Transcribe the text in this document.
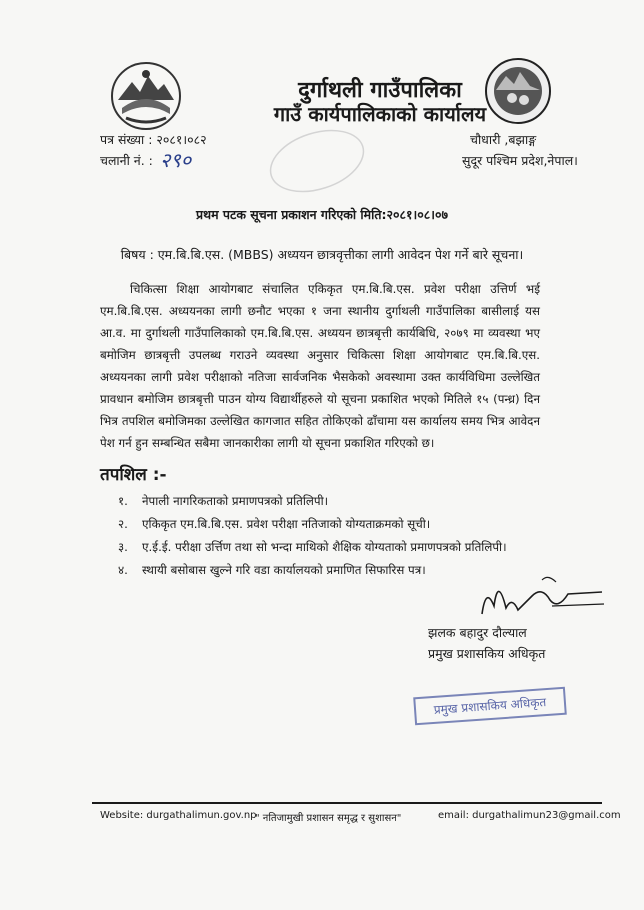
दुर्गाथली गाउँपालिका
गाउँ कार्यपालिकाको कार्यालय
पत्र संख्या : २०८१।०८२
चलानी नं. : २९०
चौधारी ,बझाङ्ग
सुदूर पश्चिम प्रदेश,नेपाल।
प्रथम पटक सूचना प्रकाशन गरिएको मिति:२०८१।०८।०७
बिषय : एम.बि.बि.एस. (MBBS) अध्ययन छात्रवृत्तीका लागी आवेदन पेश गर्ने बारे सूचना।
चिकित्सा शिक्षा आयोगबाट संचालित एकिकृत एम.बि.बि.एस. प्रवेश परीक्षा उत्तिर्ण भई एम.बि.बि.एस. अध्ययनका लागी छनौट भएका १ जना स्थानीय दुर्गाथली गाउँपालिका बासीलाई यस आ.व. मा दुर्गाथली गाउँपालिकाको एम.बि.बि.एस. अध्ययन छात्रबृत्ती कार्यबिधि, २०७९ मा व्यवस्था भए बमोजिम छात्रबृत्ती उपलब्ध गराउने व्यवस्था अनुसार चिकित्सा शिक्षा आयोगबाट एम.बि.बि.एस. अध्ययनका लागी प्रवेश परीक्षाको नतिजा सार्वजनिक भैसकेको अवस्थामा उक्त कार्यविधिमा उल्लेखित प्रावधान बमोजिम छात्रबृत्ती पाउन योग्य विद्यार्थीहरुले यो सूचना प्रकाशित भएको मितिले १५ (पन्ध्र) दिन भित्र तपशिल बमोजिमका उल्लेखित कागजात सहित तोकिएको ढाँचामा यस कार्यालय समय भित्र आवेदन पेश गर्न हुन सम्बन्धित सबैमा जानकारीका लागी यो सूचना प्रकाशित गरिएको छ।
तपशिल :-
१.	नेपाली नागरिकताको प्रमाणपत्रको प्रतिलिपी।
२.	एकिकृत एम.बि.बि.एस. प्रवेश परीक्षा नतिजाको योग्यताक्रमको सूची।
३.	ए.ई.ई. परीक्षा उर्त्तिण तथा सो भन्दा माथिको शैक्षिक योग्यताको प्रमाणपत्रको प्रतिलिपी।
४.	स्थायी बसोबास खुल्ने गरि वडा कार्यालयको प्रमाणित सिफारिस पत्र।
झलक बहादुर दौल्याल
प्रमुख प्रशासकिय अधिकृत
प्रमुख प्रशासकिय अधिकृत
Website: durgathalimun.gov.np
" नतिजामुखी प्रशासन समृद्ध र सुशासन"	email: durgathalimun23@gmail.com
